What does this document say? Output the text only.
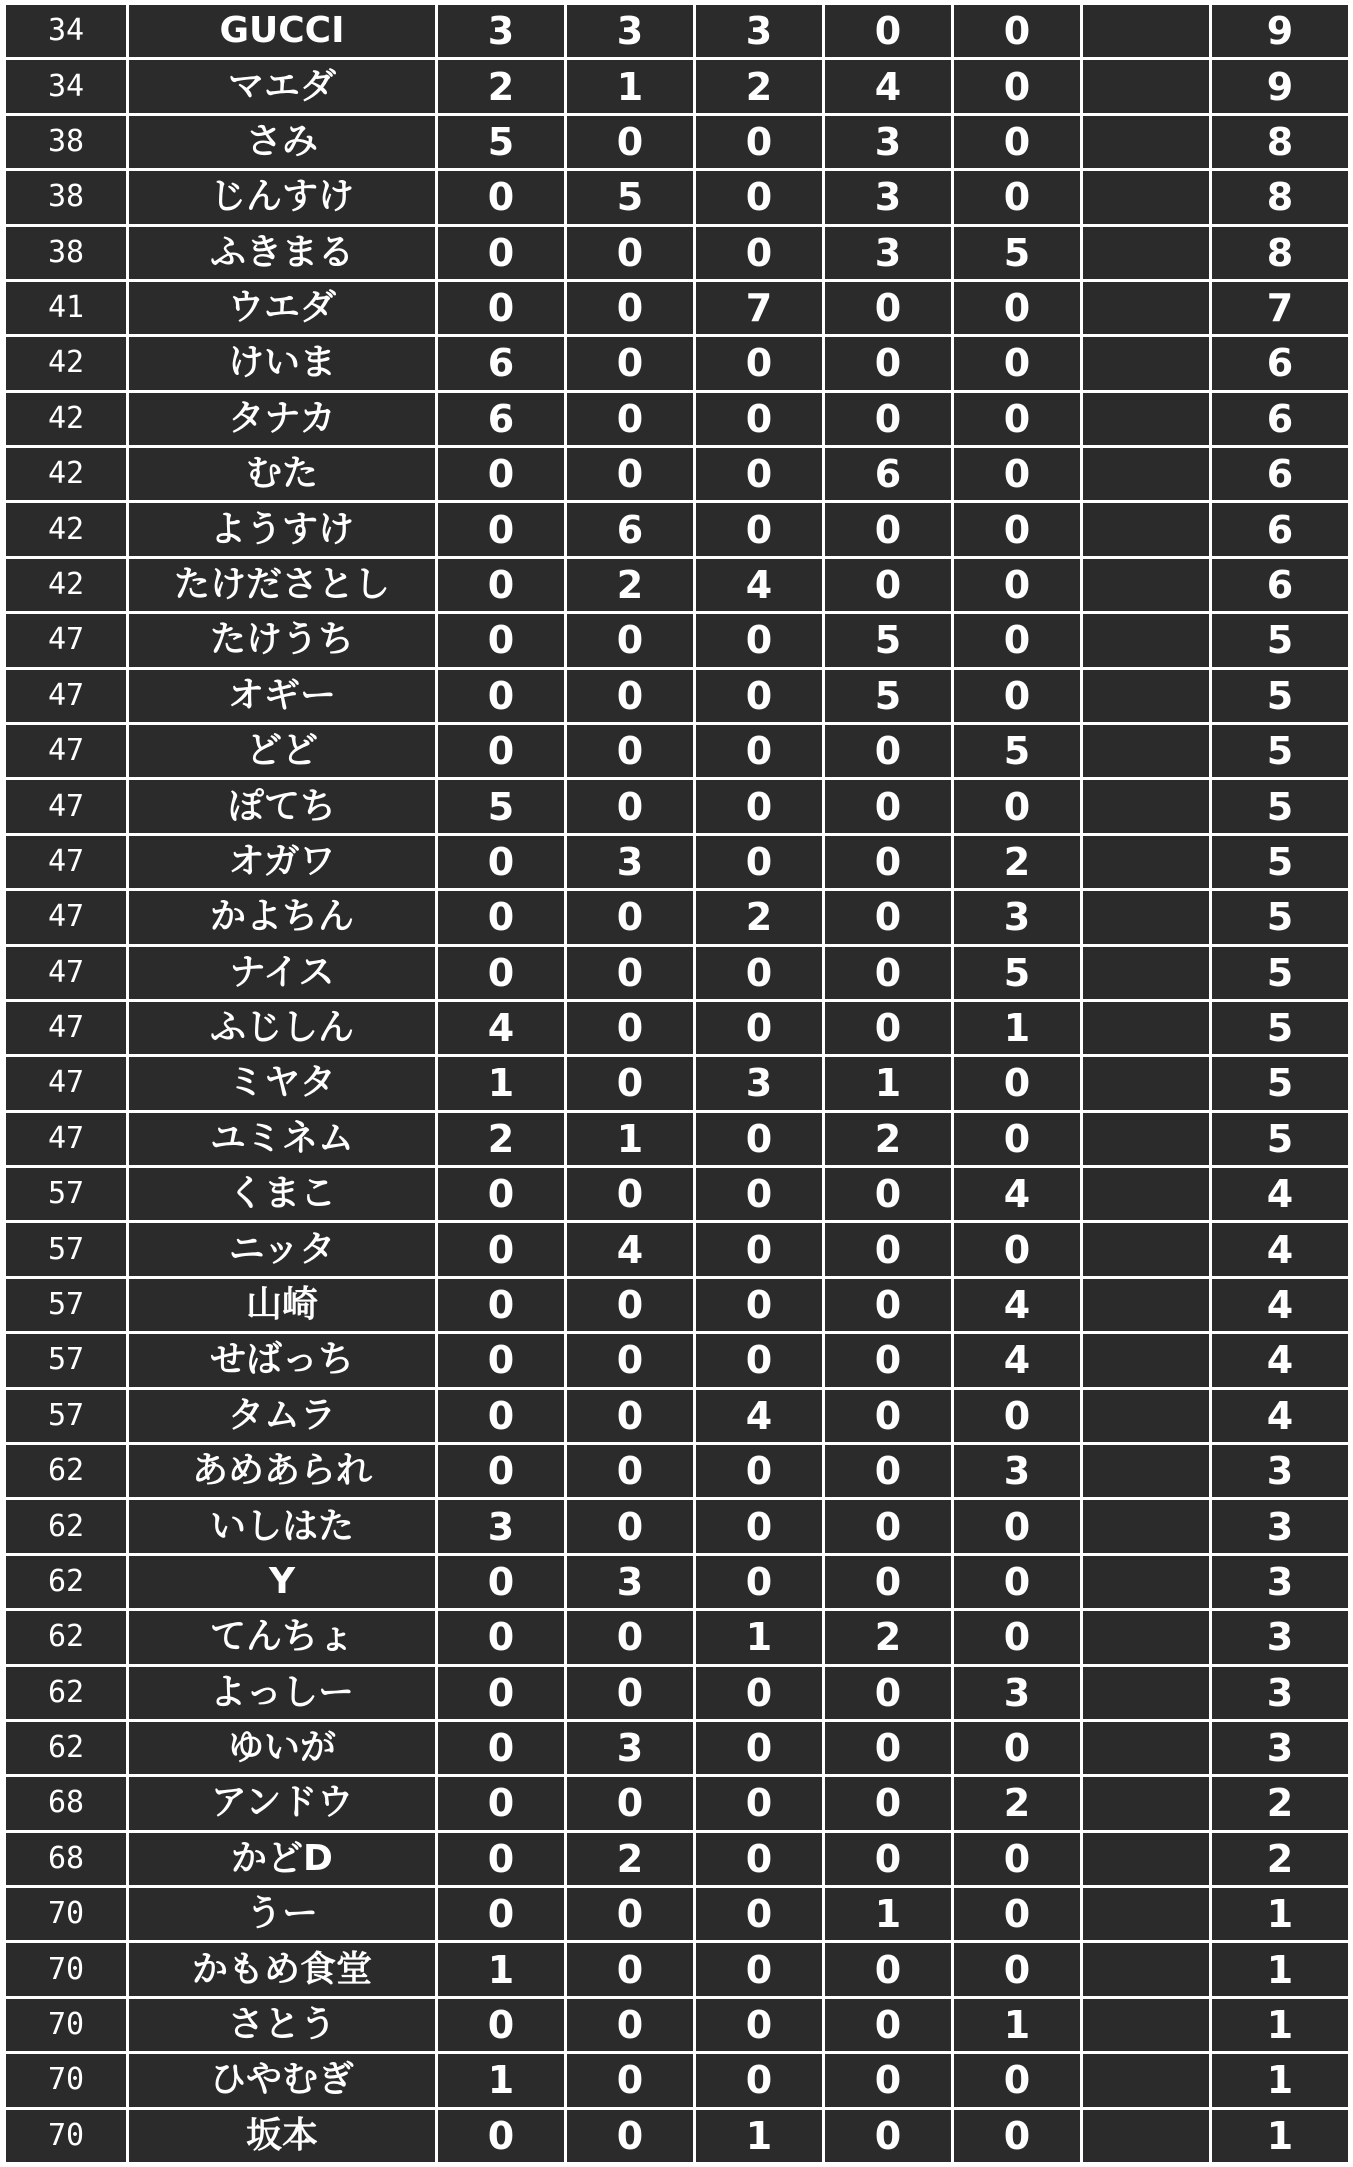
34	GUCCI	3	3	3	0	0	9
34	マエダ	2	1	2	4	0	9
38	さみ	5	0	0	3	0	8
38	じんすけ	0	5	0	3	0	8
38	ふきまる	0	0	0	3	5	8
41	ウエダ	0	0	7	0	0	7
42	けいま	6	0	0	0	0	6
42	タナカ	6	0	0	0	0	6
42	むた	0	0	0	6	0	6
42	ようすけ	0	6	0	0	0	6
42	たけださとし	0	2	4	0	0	6
47	たけうち	0	0	0	5	0	5
47	オギー	0	0	0	5	0	5
47	どど	0	0	0	0	5	5
47	ぽてち	5	0	0	0	0	5
47	オガワ	0	3	0	0	2	5
47	かよちん	0	0	2	0	3	5
47	ナイス	0	0	0	0	5	5
47	ふじしん	4	0	0	0	1	5
47	ミヤタ	1	0	3	1	0	5
47	ユミネム	2	1	0	2	0	5
57	くまこ	0	0	0	0	4	4
57	ニッタ	0	4	0	0	0	4
57	山崎	0	0	0	0	4	4
57	せばっち	0	0	0	0	4	4
57	タムラ	0	0	4	0	0	4
62	あめあられ	0	0	0	0	3	3
62	いしはた	3	0	0	0	0	3
62	Y	0	3	0	0	0	3
62	てんちょ	0	0	1	2	0	3
62	よっしー	0	0	0	0	3	3
62	ゆいが	0	3	0	0	0	3
68	アンドウ	0	0	0	0	2	2
68	かどD	0	2	0	0	0	2
70	うー	0	0	0	1	0	1
70	かもめ食堂	1	0	0	0	0	1
70	さとう	0	0	0	0	1	1
70	ひやむぎ	1	0	0	0	0	1
70	坂本	0	0	1	0	0	1
